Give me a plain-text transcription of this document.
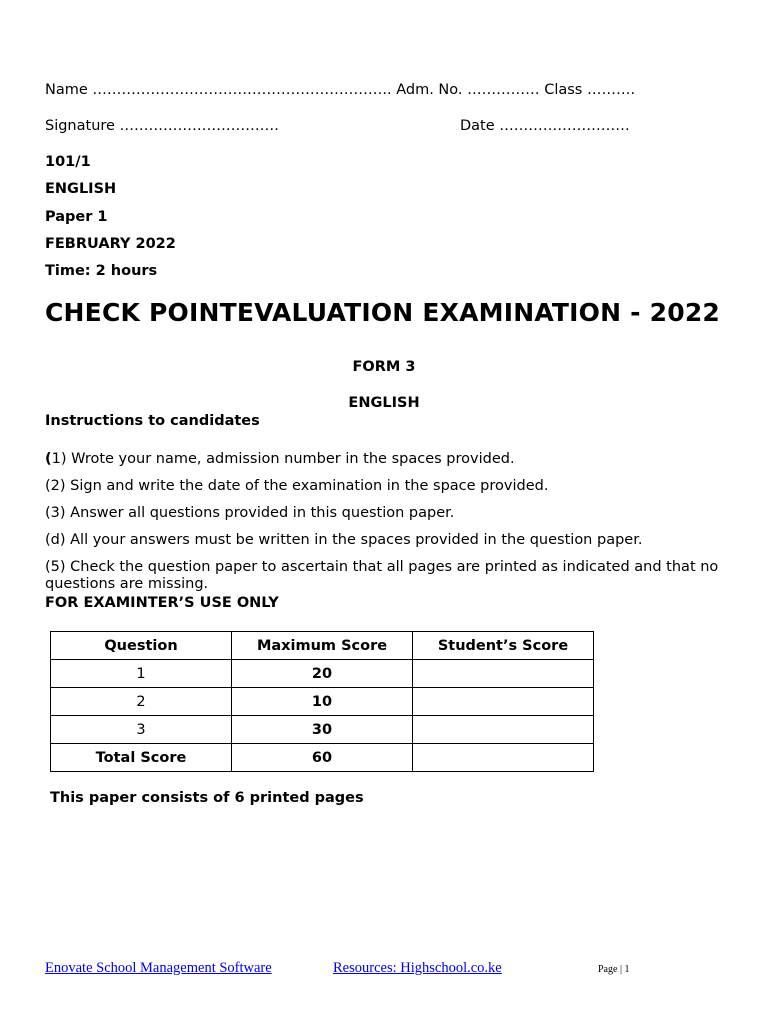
Name …………………………………………………….. Adm. No. …………… Class ……….
Signature ……………………………	Date ………………………
101/1
ENGLISH
Paper 1
FEBRUARY 2022
Time: 2 hours
CHECK POINTEVALUATION EXAMINATION - 2022
FORM 3
ENGLISH
Instructions to candidates
(1) Wrote your name, admission number in the spaces provided.
(2) Sign and write the date of the examination in the space provided.
(3) Answer all questions provided in this question paper.
(d) All your answers must be written in the spaces provided in the question paper.
(5) Check the question paper to ascertain that all pages are printed as indicated and that no questions are missing.
FOR EXAMINTER’S USE ONLY
Question	Maximum Score	Student’s Score
1	20	
2	10	
3	30	
Total Score	60	
This paper consists of 6 printed pages
Enovate School Management Software	Resources: Highschool.co.ke	Page | 1
